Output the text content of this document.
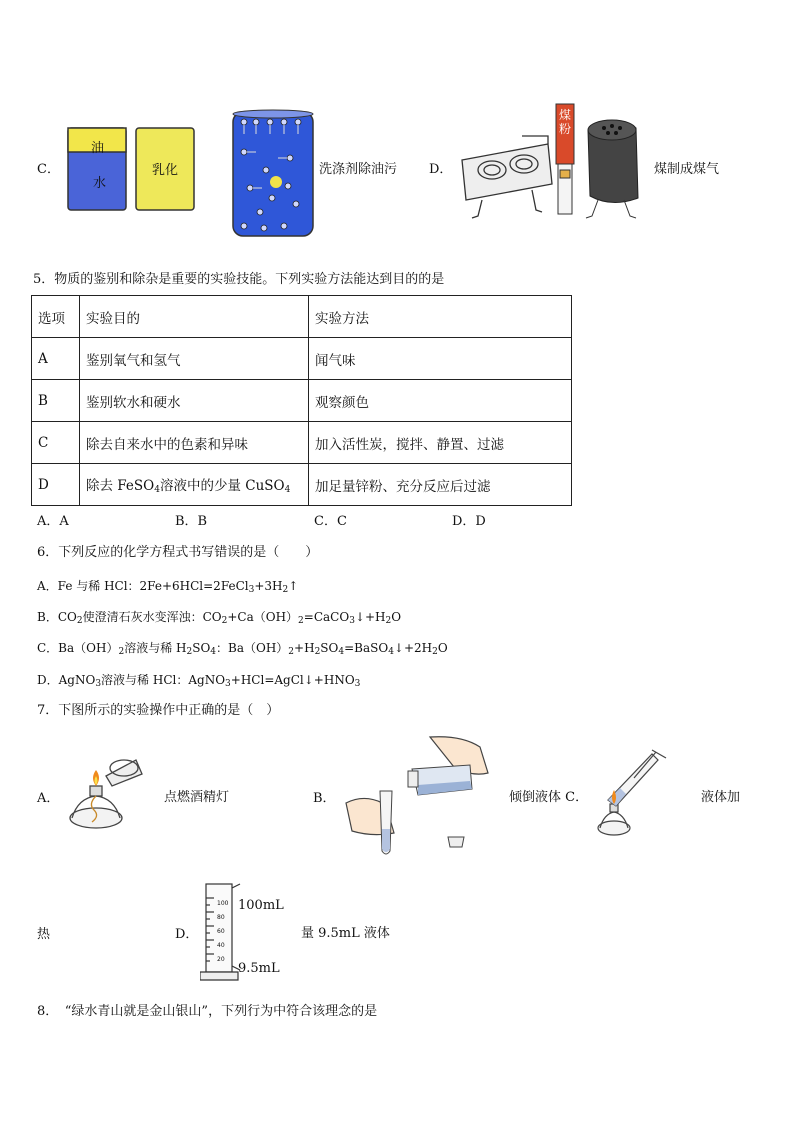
C．
油
水
乳化	洗涤剂除油污 D．
煤粉
煤制成煤气
5．物质的鉴别和除杂是重要的实验技能。下列实验方法能达到目的的是
选项	实验目的	实验方法
A	鉴别氧气和氢气	闻气味
B	鉴别软水和硬水	观察颜色
C	除去自来水中的色素和异味	加入活性炭，搅拌、静置、过滤
D	除去 FeSO$_4$溶液中的少量 CuSO$_4$	加足量锌粉、充分反应后过滤
A．A	B．B	C．C	D．D
6．下列反应的化学方程式书写错误的是（　　）
A．Fe 与稀 HCl：$2Fe+6HCl=2FeCl_3+3H_2↑$
B．$CO_2$使澄清石灰水变浑浊：$CO_2+Ca(OH)_2=CaCO_3↓+H_2O$
C．$Ba(OH)_2$溶液与稀 $H_2SO_4$：$Ba(OH)_2+H_2SO_4=BaSO_4↓+2H_2O$
D．AgNO$_3$溶液与稀 HCl：$AgNO_3+HCl=AgCl↓+HNO_3$
7．下图所示的实验操作中正确的是（　）
A．	点燃酒精灯	B．	倾倒液体 C．	液体加
热	D．
100
80
60
40
20
100mL
9.5mL
量 9.5mL 液体
8．　“绿水青山就是金山银山”，下列行为中符合该理念的是
